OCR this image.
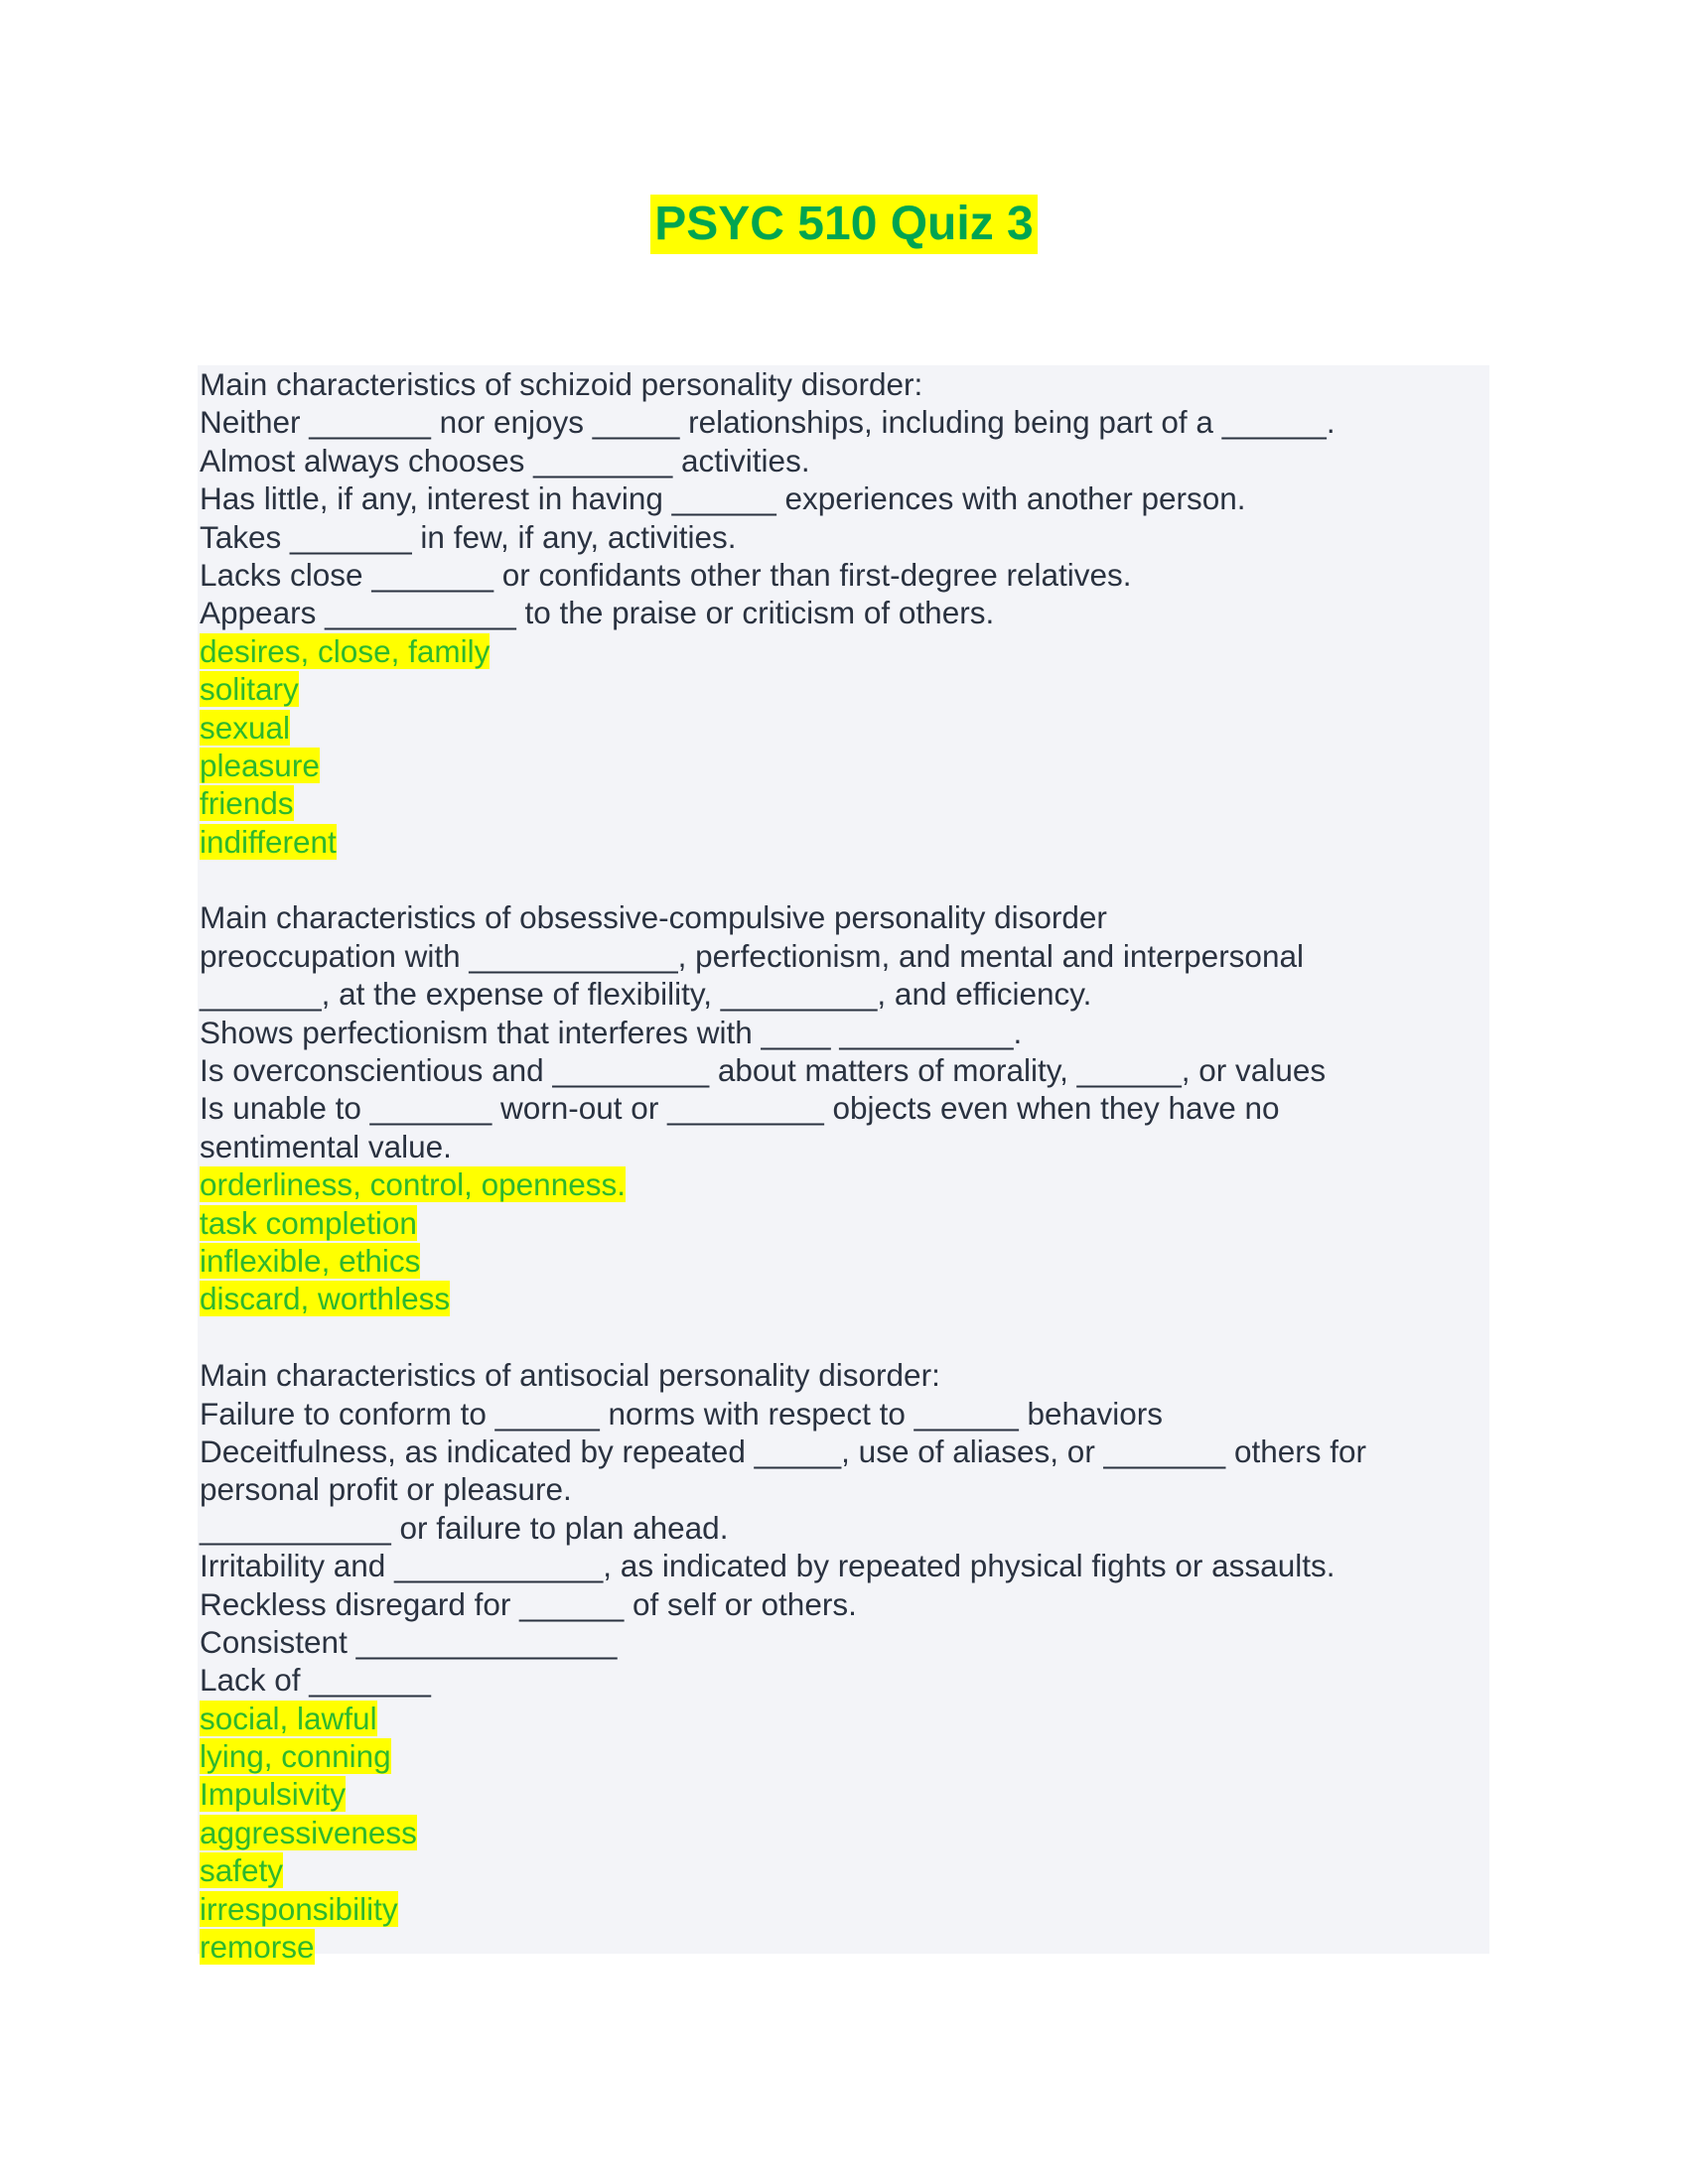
PSYC 510 Quiz 3
Main characteristics of schizoid personality disorder:
Neither _______ nor enjoys _____ relationships, including being part of a ______.
Almost always chooses ________ activities.
Has little, if any, interest in having ______ experiences with another person.
Takes _______ in few, if any, activities.
Lacks close _______ or confidants other than first-degree relatives.
Appears ___________ to the praise or criticism of others.
desires, close, family
solitary
sexual
pleasure
friends
indifferent
Main characteristics of obsessive-compulsive personality disorder
preoccupation with ____________, perfectionism, and mental and interpersonal
_______, at the expense of flexibility, _________, and efficiency.
Shows perfectionism that interferes with ____ __________.
Is overconscientious and _________ about matters of morality, ______, or values
Is unable to _______ worn-out or _________ objects even when they have no
sentimental value.
orderliness, control, openness.
task completion
inflexible, ethics
discard, worthless
Main characteristics of antisocial personality disorder:
Failure to conform to ______ norms with respect to ______ behaviors
Deceitfulness, as indicated by repeated _____, use of aliases, or _______ others for
personal profit or pleasure.
___________ or failure to plan ahead.
Irritability and ____________, as indicated by repeated physical fights or assaults.
Reckless disregard for ______ of self or others.
Consistent _______________
Lack of _______
social, lawful
lying, conning
Impulsivity
aggressiveness
safety
irresponsibility
remorse
